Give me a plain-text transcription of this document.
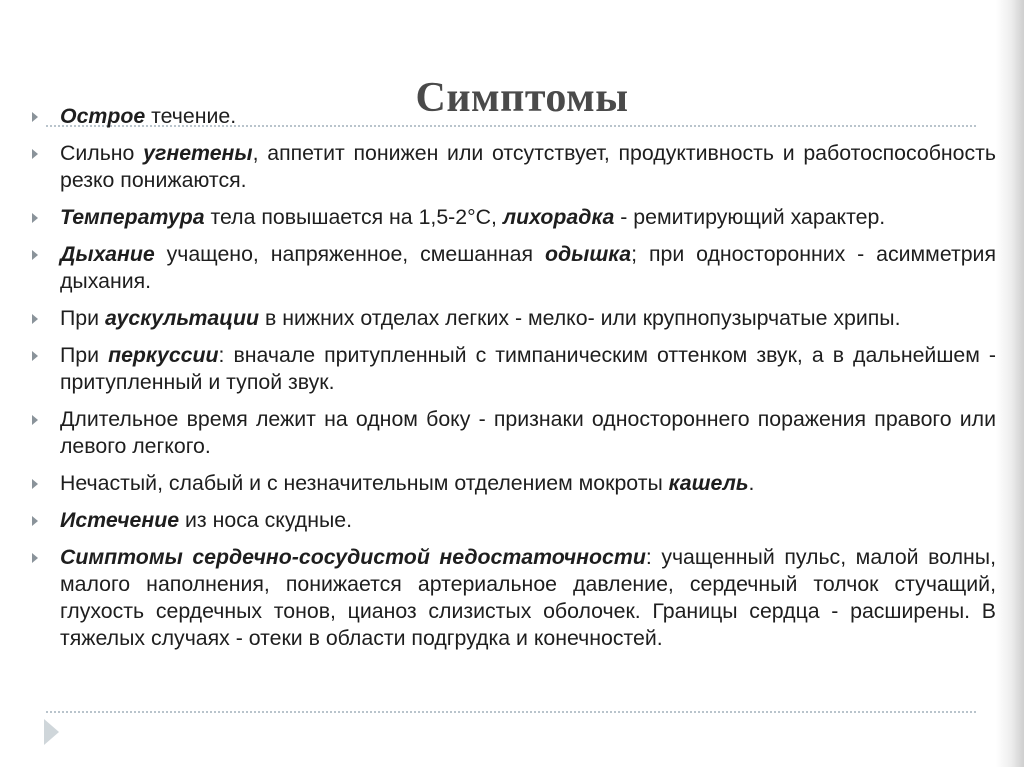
Симптомы
Острое течение.
Сильно угнетены, аппетит понижен или отсутствует, продуктивность и работоспособность резко понижаются.
Температура тела повышается на 1,5-2°С, лихорадка - ремитирующий характер.
Дыхание учащено, напряженное, смешанная одышка; при односторонних - асимметрия дыхания.
При аускультации в нижних отделах легких - мелко- или крупнопузырчатые хрипы.
При перкуссии: вначале притупленный с тимпаническим оттенком звук, а в дальнейшем - притупленный и тупой звук.
Длительное время лежит на одном боку - признаки одностороннего поражения правого или левого легкого.
Нечастый, слабый и с незначительным отделением мокроты кашель.
Истечение из носа скудные.
Симптомы сердечно-сосудистой недостаточности: учащенный пульс, малой волны, малого наполнения, понижается артериальное давление, сердечный толчок стучащий, глухость сердечных тонов, цианоз слизистых оболочек. Границы сердца - расширены. В тяжелых случаях - отеки в области подгрудка и конечностей.
